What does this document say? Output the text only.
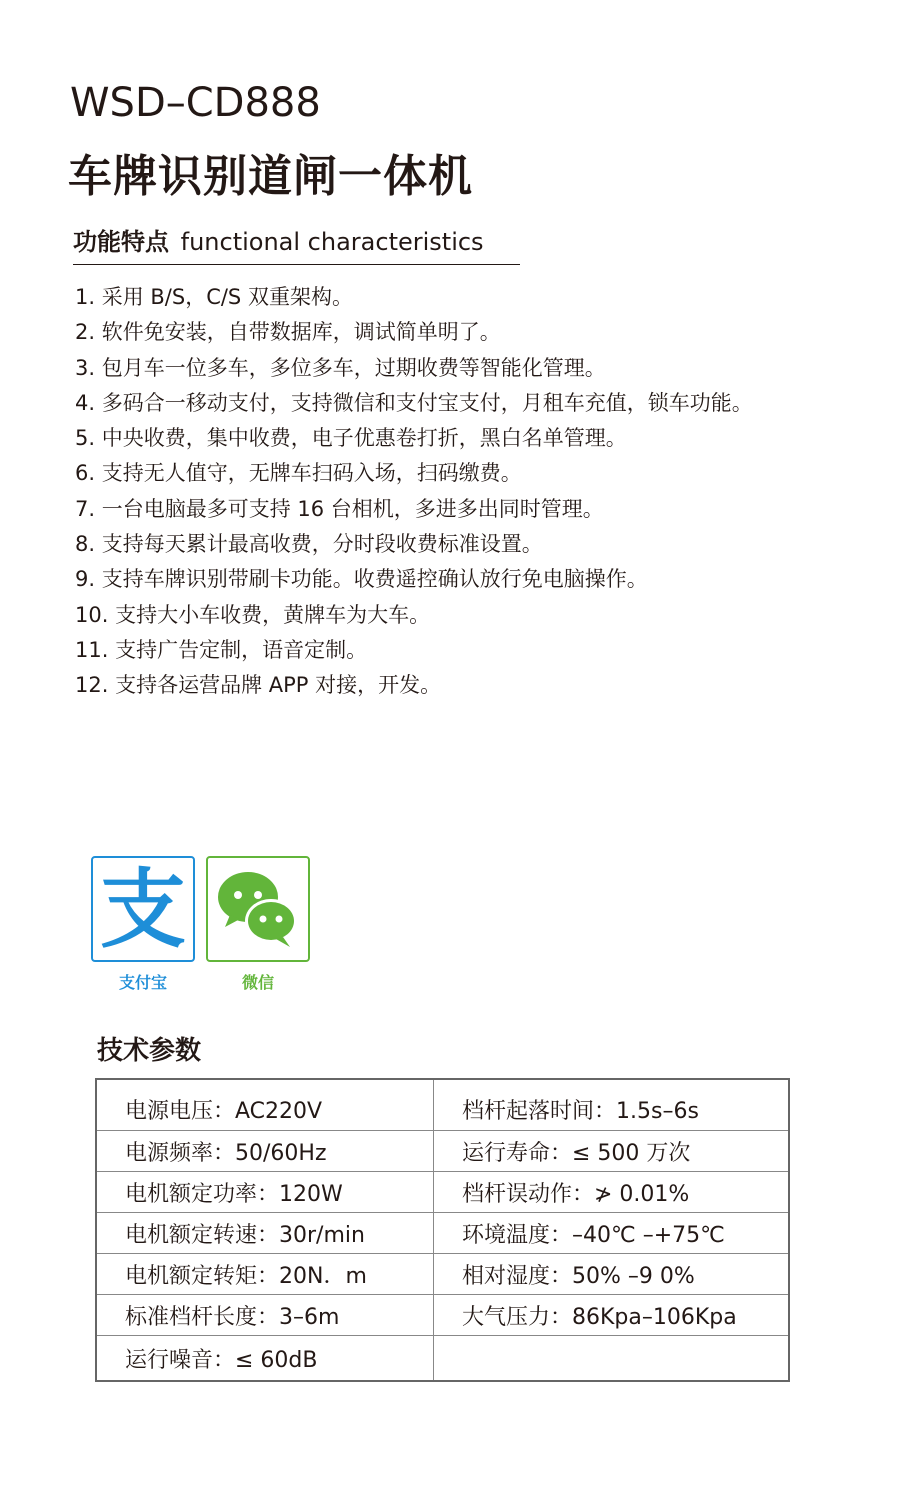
WSD–CD888
车牌识别道闸一体机
功能特点 functional characteristics
1. 采用 B/S，C/S 双重架构。
2. 软件免安装，自带数据库，调试简单明了。
3. 包月车一位多车，多位多车，过期收费等智能化管理。
4. 多码合一移动支付，支持微信和支付宝支付，月租车充值，锁车功能。
5. 中央收费，集中收费，电子优惠卷打折，黑白名单管理。
6. 支持无人值守，无牌车扫码入场，扫码缴费。
7. 一台电脑最多可支持 16 台相机，多进多出同时管理。
8. 支持每天累计最高收费，分时段收费标准设置。
9. 支持车牌识别带刷卡功能。收费遥控确认放行免电脑操作。
10. 支持大小车收费，黄牌车为大车。
11. 支持广告定制，语音定制。
12. 支持各运营品牌 APP 对接，开发。
支
支付宝	微信
技术参数
电源电压：AC220V	档杆起落时间：1.5s–6s
电源频率：50/60Hz	运行寿命：≤ 500 万次
电机额定功率：120W	档杆误动作：≯ 0.01%
电机额定转速：30r/min	环境温度：–40℃ –+75℃
电机额定转矩：20N．m	相对湿度：50% –9 0%
标准档杆长度：3–6m	大气压力：86Kpa–106Kpa
运行噪音：≤ 60dB	
